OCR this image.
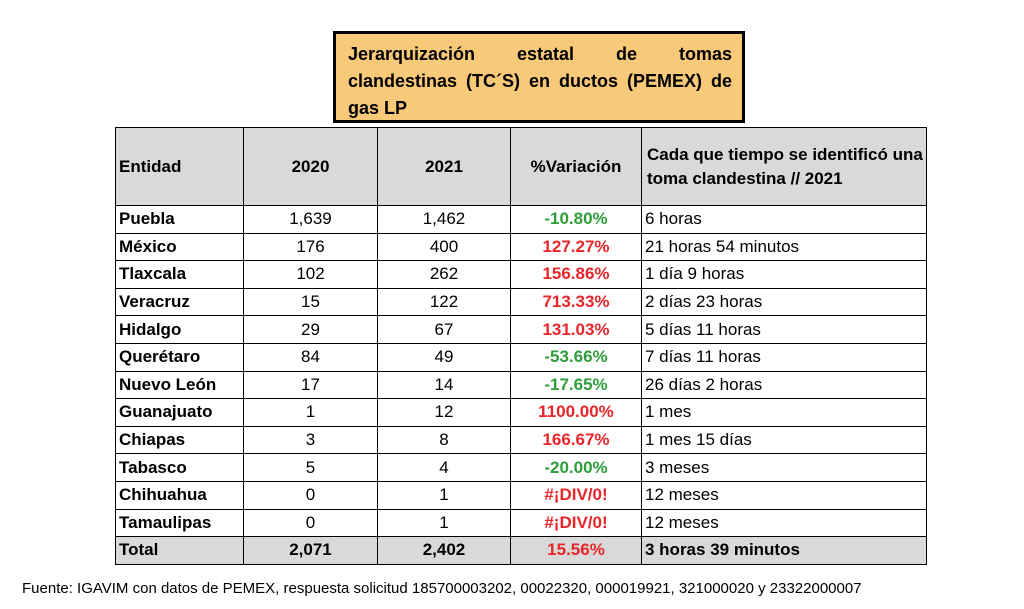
Jerarquización estatal de tomas clandestinas (TC´S) en ductos (PEMEX) de gas LP
Entidad	2020	2021	%Variación	Cada que tiempo se identificó una toma clandestina // 2021
Puebla	1,639	1,462	-10.80%	6 horas
México	176	400	127.27%	21 horas 54 minutos
Tlaxcala	102	262	156.86%	1 día 9 horas
Veracruz	15	122	713.33%	2 días 23 horas
Hidalgo	29	67	131.03%	5 días 11 horas
Querétaro	84	49	-53.66%	7 días 11 horas
Nuevo León	17	14	-17.65%	26 días 2 horas
Guanajuato	1	12	1100.00%	1 mes
Chiapas	3	8	166.67%	1 mes 15 días
Tabasco	5	4	-20.00%	3 meses
Chihuahua	0	1	#¡DIV/0!	12 meses
Tamaulipas	0	1	#¡DIV/0!	12 meses
Total	2,071	2,402	15.56%	3 horas 39 minutos
Fuente: IGAVIM con datos de PEMEX, respuesta solicitud 185700003202, 00022320, 000019921, 321000020 y 23322000007
